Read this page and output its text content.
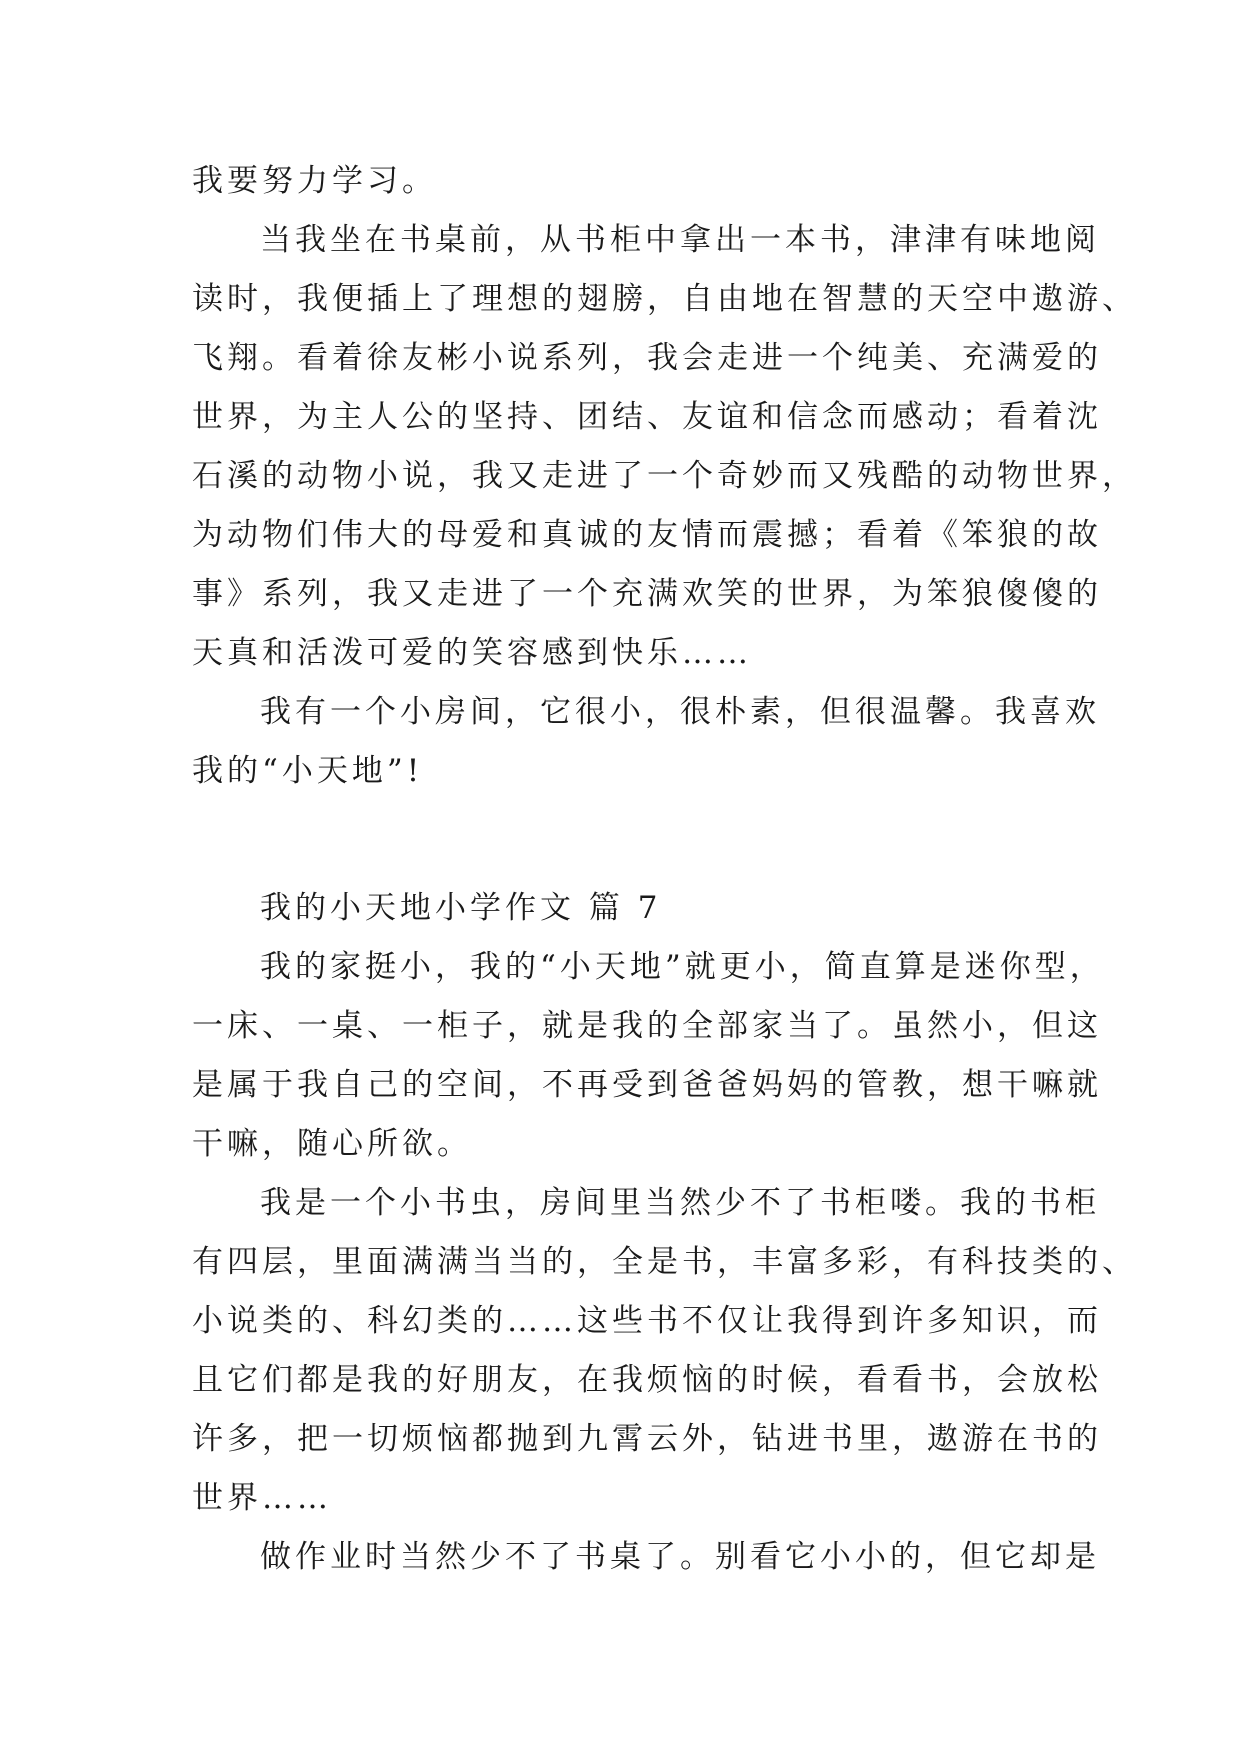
我要努力学习。
当我坐在书桌前，从书柜中拿出一本书，津津有味地阅
读时，我便插上了理想的翅膀，自由地在智慧的天空中遨游、
飞翔。看着徐友彬小说系列，我会走进一个纯美、充满爱的
世界，为主人公的坚持、团结、友谊和信念而感动；看着沈
石溪的动物小说，我又走进了一个奇妙而又残酷的动物世界，
为动物们伟大的母爱和真诚的友情而震撼；看着《笨狼的故
事》系列，我又走进了一个充满欢笑的世界，为笨狼傻傻的
天真和活泼可爱的笑容感到快乐……
我有一个小房间，它很小，很朴素，但很温馨。我喜欢
我的“小天地”!
我的小天地小学作文 篇 7
我的家挺小，我的“小天地”就更小，简直算是迷你型，
一床、一桌、一柜子，就是我的全部家当了。虽然小，但这
是属于我自己的空间，不再受到爸爸妈妈的管教，想干嘛就
干嘛，随心所欲。
我是一个小书虫，房间里当然少不了书柜喽。我的书柜
有四层，里面满满当当的，全是书，丰富多彩，有科技类的、
小说类的、科幻类的……这些书不仅让我得到许多知识，而
且它们都是我的好朋友，在我烦恼的时候，看看书，会放松
许多，把一切烦恼都抛到九霄云外，钻进书里，遨游在书的
世界……
做作业时当然少不了书桌了。别看它小小的，但它却是
